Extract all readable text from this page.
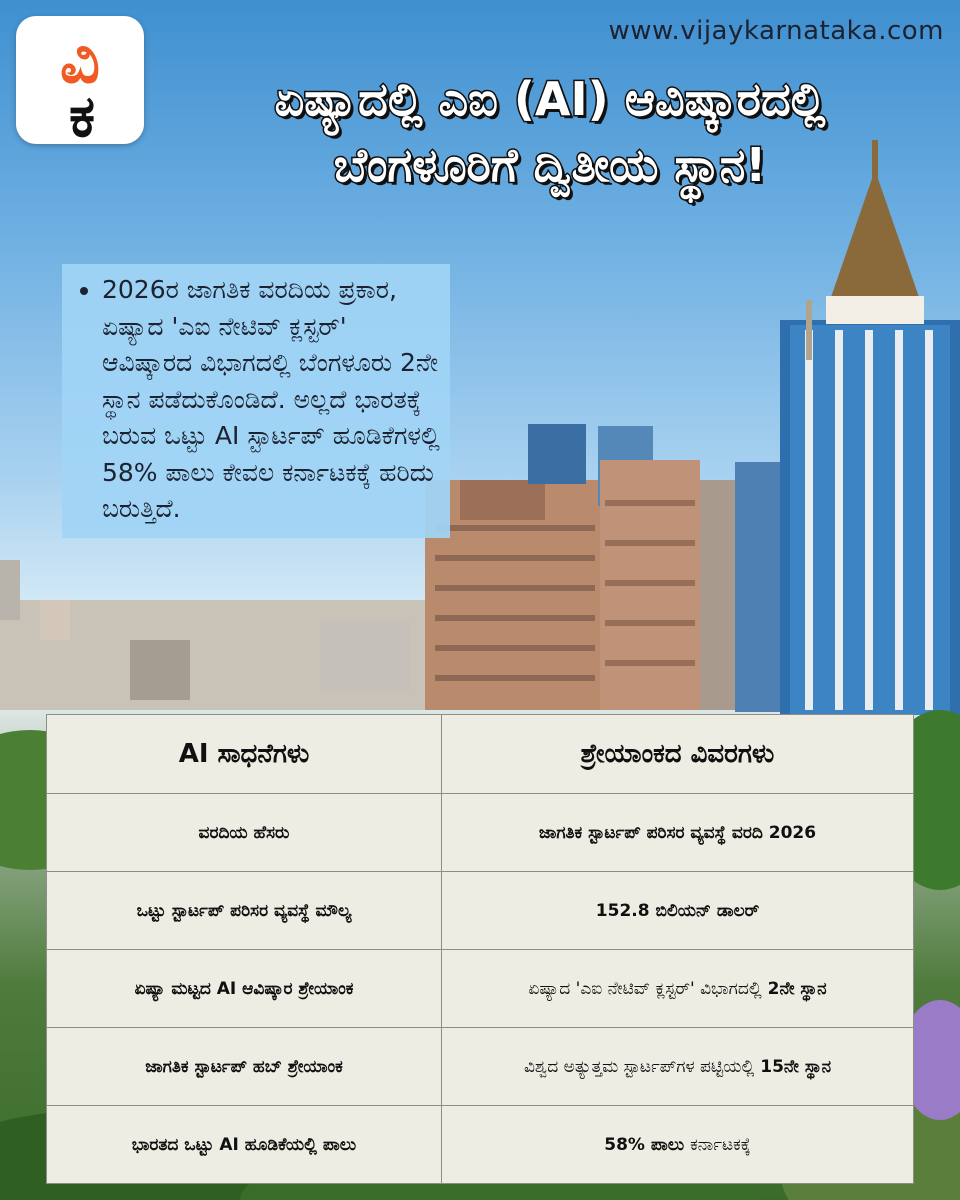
ವಿ
ಕ
www.vijaykarnataka.com
ಏಷ್ಯಾದಲ್ಲಿ ಎಐ (AI) ಆವಿಷ್ಕಾರದಲ್ಲಿ
ಬೆಂಗಳೂರಿಗೆ ದ್ವಿತೀಯ ಸ್ಥಾನ!
• 2026ರ ಜಾಗತಿಕ ವರದಿಯ ಪ್ರಕಾರ, ಏಷ್ಯಾದ 'ಎಐ ನೇಟಿವ್ ಕ್ಲಸ್ಟರ್' ಆವಿಷ್ಕಾರದ ವಿಭಾಗದಲ್ಲಿ ಬೆಂಗಳೂರು 2ನೇ ಸ್ಥಾನ ಪಡೆದುಕೊಂಡಿದೆ. ಅಲ್ಲದೆ ಭಾರತಕ್ಕೆ ಬರುವ ಒಟ್ಟು AI ಸ್ಟಾರ್ಟಪ್ ಹೂಡಿಕೆಗಳಲ್ಲಿ 58% ಪಾಲು ಕೇವಲ ಕರ್ನಾಟಕಕ್ಕೆ ಹರಿದು ಬರುತ್ತಿದೆ.
AI ಸಾಧನೆಗಳು	ಶ್ರೇಯಾಂಕದ ವಿವರಗಳು
ವರದಿಯ ಹೆಸರು	ಜಾಗತಿಕ ಸ್ಟಾರ್ಟಪ್ ಪರಿಸರ ವ್ಯವಸ್ಥೆ ವರದಿ 2026
ಒಟ್ಟು ಸ್ಟಾರ್ಟಪ್ ಪರಿಸರ ವ್ಯವಸ್ಥೆ ಮೌಲ್ಯ	152.8 ಬಿಲಿಯನ್ ಡಾಲರ್
ಏಷ್ಯಾ ಮಟ್ಟದ AI ಆವಿಷ್ಕಾರ ಶ್ರೇಯಾಂಕ	ಏಷ್ಯಾದ 'ಎಐ ನೇಟಿವ್ ಕ್ಲಸ್ಟರ್' ವಿಭಾಗದಲ್ಲಿ 2ನೇ ಸ್ಥಾನ
ಜಾಗತಿಕ ಸ್ಟಾರ್ಟಪ್ ಹಬ್ ಶ್ರೇಯಾಂಕ	ವಿಶ್ವದ ಅತ್ಯುತ್ತಮ ಸ್ಟಾರ್ಟಪ್‌ಗಳ ಪಟ್ಟಿಯಲ್ಲಿ 15ನೇ ಸ್ಥಾನ
ಭಾರತದ ಒಟ್ಟು AI ಹೂಡಿಕೆಯಲ್ಲಿ ಪಾಲು	58% ಪಾಲು ಕರ್ನಾಟಕಕ್ಕೆ
